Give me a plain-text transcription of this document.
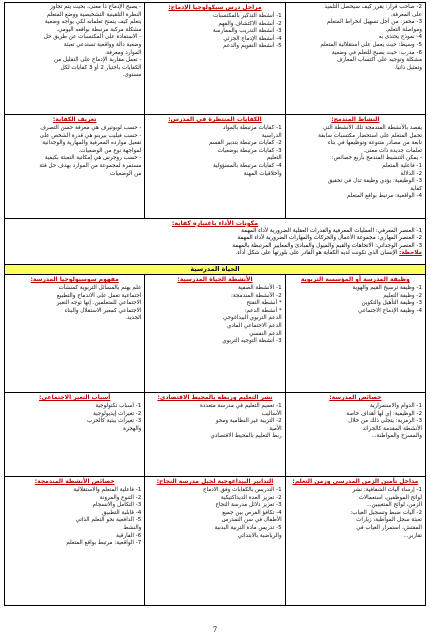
2- صاحب قرار: يقرر كيف سيحصل التلميذ
على المعرفة.
3- محفز: من أجل تسهيل انخراط المتعلم
ومواصلة التعلم.
4- نموذج يحتذى به
5- وسيط: حيث يعمل على استقلالية المتعلم
6- مدرب: حيث يصبح للتعلم في وضعية
مشكلة وتوجيه على اكتساب المعارف
وتمثيل ذاتيا.
مراحل درس سيكولوجيا الإدماج:
1- أنشطة التذكير بالمكتسبات
2- أنشطة الاكتشاف والفهم
3- أنشطة التدريب والممارسة
4- أنشطة الإدماج الجزئي
5- أنشطة التقويم والدعم
- يصبح الإدماج ذا معنى، بحيث يتم تجاوز
النظرة التلقينية التشخيصية ووضع المتعلم
يتعلم كيف يتمنح تعلماته لكي يواجه وضعية
مشكلة مركبة مرتبطة بواقعه اليومي.
- الاستفادة على المكتسبات عن طريق حل
وضعية دالة وواقعية تستدعي تعبئة
الموارد ومعرفة.
- تعمل مقاربة الإدماج على التقليل من
الكفايات باختيار 2 أو 3 كفايات لكل
مستوى.
النشاط المندمج:
يقصد بالأنشطة المندمجة تلك الأنشطة التي
تحمل المتعلم على استحضار مكتسبات سابقة
تابعة من مصادر متنوعة وتوظيفها في بناء
تعلمات جديدة ذات معنى.
- يمكن التنشيط المندمج بأربع خصائص:
1- فاعلية المتعلم
2- الدلالة
3- الوظيفية: يؤدي وظيفة تدل في تحقيق
كفاية
4- الواقعية: مرتبط بواقع المتعلم
الكفايات المنتظرة في المدرس:
1- كفايات مرتبطة بالمواد
الدراسية
2- كفايات مرتبطة بتدبير القسم
3- كفايات مرتبطة بوضعيات
التعليم
4- كفايات مرتبطة بالمسؤولية
وأخلاقيات المهنة
تعريف الكفاية:
- حسب لوبوتيرف هي معرفة حسن التصرف
- حسب فيليب بيرينو هي قدرة الشخص على
تفعيل موارده المعرفية والمهارية والوجدانية
لمواجهة نوع من الوضعيات.
- حسب روجرس هي إمكانية التعبئة بكيفية
مستمرة لمجموعة من الموارد بهدف حل فئة
من الوضعيات
مكونات الأداء باعتباره كفاية:
1- العنصر المعرفي: العمليات المعرفية والقدرات العقلية الضرورية لأداء المهمة
2- العنصر المهاري: مجموعة الأعمال والحركات والمهارات الضرورية لأداء المهمة
3- العنصر الوجداني: الاتجاهات والقيم والميول والمبادئ والمعايير المرتبطة بالمهمة
ملاحظة: الإنسان الذي تكونت لديه الكفاية هو القادر على بلورتها على شكل أداء.
الحياة المدرسية
وظيفة المدرسة أو المؤسسة التربوية
1- وظيفة ترسيخ القيم والهوية
2- وظيفة التعليم
3- وظيفة التأهيل والتكوين
4- وظيفة الإدماج الاجتماعي
الأنشطة الحياة المدرسية:
1- الأنشطة الصفية
2- الأنشطة المندمجة:
* أنشطة التفتح
* أنشطة الدعم:
الدعم التربوي البيداغوجي
الدعم الاجتماعي المادي
الدعم النفسي
3- أنشطة التوجيه التربوي
مفهوم سوسيولوجيا المدرسة:
علم يهتم بالمسائل التربوية كمنشآت
اجتماعية تعمل على الاندماج والتطبيع
الاجتماعي للمتعلمين. إنها توجه التغير
الاجتماعي كمعبر الاستقلال والبناء
الجديد.
خصائص المدرسة:
1- الدوام والاستمرارية
2- الوظيفية: إي لها أهداف خاصة
3- الرمزية: يتجلى ذلك من خلال
الأنشطة المقدمة كالجرائد
والمسرح والمواطنة...
نشر التعليم وربطه بالمحيط الاقتصادي:
1- تعميم التعليم في مدرسة متعددة
الأساليب
2- التربية غير النظامية ومحو
الأمية
ربط التعليم بالمحيط الاقتصادي
أسباب التغير الاجتماعي:
1- أسباب تكنولوجية
2- تغيرات إيديولوجية
3- تغيرات بيئية كالحرب
والهجرة
مداخل تأمين الزمن المدرسي وزمن التعلم:
1- إرساء آليات الشفافية: نشر
لوائح الموظفين، استعمالات
الزمن، لوائح المتغيبين...
2- آليات ضبط وتسجيل الغياب:
تعبئة سجل المواظبة، زيارات
المفتش، استمرار الغياب في
تقارير...
التدابير البيداغوجية لجيل مدرسة النجاح:
1- التدريس بالكفايات وفق الادماج
2- تعزيز العدة الديداكتيكية
3- تعزيز دلائل مدرسة النجاح
4- تكافؤ الفرص بين جميع
الأطفال في سن التمدرس
5- تدريس مادة التربية البدنية
والرياضية بالابتدائي
خصائص الأنشطة المندمجة:
1- فاعلية المتعلم والاستقلالية
2- التنوع والمرونة
3- التكامل والانسجام
4- قابلية التطبيق
5- الدافعية نحو التعلم الذاتي
والنشط
6- الفارقية
7- الواقعية: مرتبط بواقع المتعلم
7
